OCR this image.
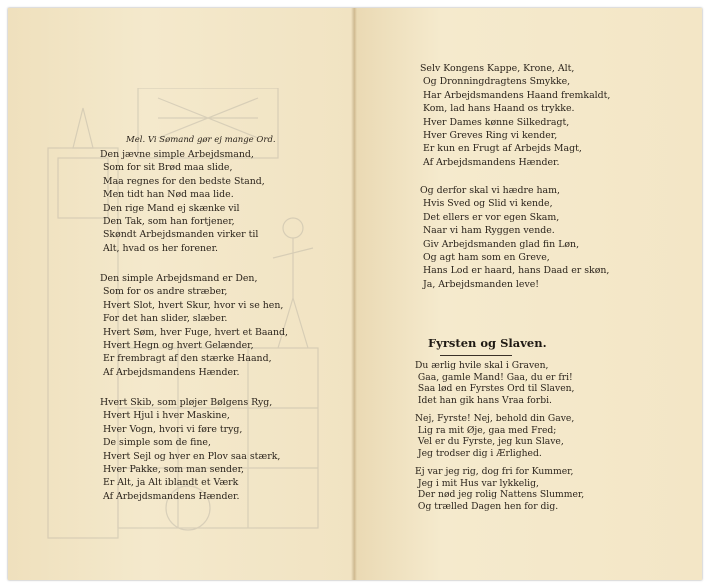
Mel. Vi Sømand gør ej mange Ord.
Den jævne simple Arbejdsmand,
Som for sit Brød maa slide,
Maa regnes for den bedste Stand,
Men tidt han Nød maa lide.
Den rige Mand ej skænke vil
Den Tak, som han fortjener,
Skøndt Arbejdsmanden virker til
Alt, hvad os her forener.
Den simple Arbejdsmand er Den,
Som for os andre stræber,
Hvert Slot, hvert Skur, hvor vi se hen,
For det han slider, slæber.
Hvert Søm, hver Fuge, hvert et Baand,
Hvert Hegn og hvert Gelænder,
Er frembragt af den stærke Haand,
Af Arbejdsmandens Hænder.
Hvert Skib, som pløjer Bølgens Ryg,
Hvert Hjul i hver Maskine,
Hver Vogn, hvori vi føre tryg,
De simple som de fine,
Hvert Sejl og hver en Plov saa stærk,
Hver Pakke, som man sender,
Er Alt, ja Alt iblandt et Værk
Af Arbejdsmandens Hænder.
Selv Kongens Kappe, Krone, Alt,
Og Dronningdragtens Smykke,
Har Arbejdsmandens Haand fremkaldt,
Kom, lad hans Haand os trykke.
Hver Dames kønne Silkedragt,
Hver Greves Ring vi kender,
Er kun en Frugt af Arbejds Magt,
Af Arbejdsmandens Hænder.
Og derfor skal vi hædre ham,
Hvis Sved og Slid vi kende,
Det ellers er vor egen Skam,
Naar vi ham Ryggen vende.
Giv Arbejdsmanden glad fin Løn,
Og agt ham som en Greve,
Hans Lod er haard, hans Daad er skøn,
Ja, Arbejdsmanden leve!
Fyrsten og Slaven.
Du ærlig hvile skal i Graven,
Gaa, gamle Mand! Gaa, du er fri!
Saa lød en Fyrstes Ord til Slaven,
Idet han gik hans Vraa forbi.
Nej, Fyrste! Nej, behold din Gave,
Lig ra mit Øje, gaa med Fred;
Vel er du Fyrste, jeg kun Slave,
Jeg trodser dig i Ærlighed.
Ej var jeg rig, dog fri for Kummer,
Jeg i mit Hus var lykkelig,
Der nød jeg rolig Nattens Slummer,
Og trælled Dagen hen for dig.
